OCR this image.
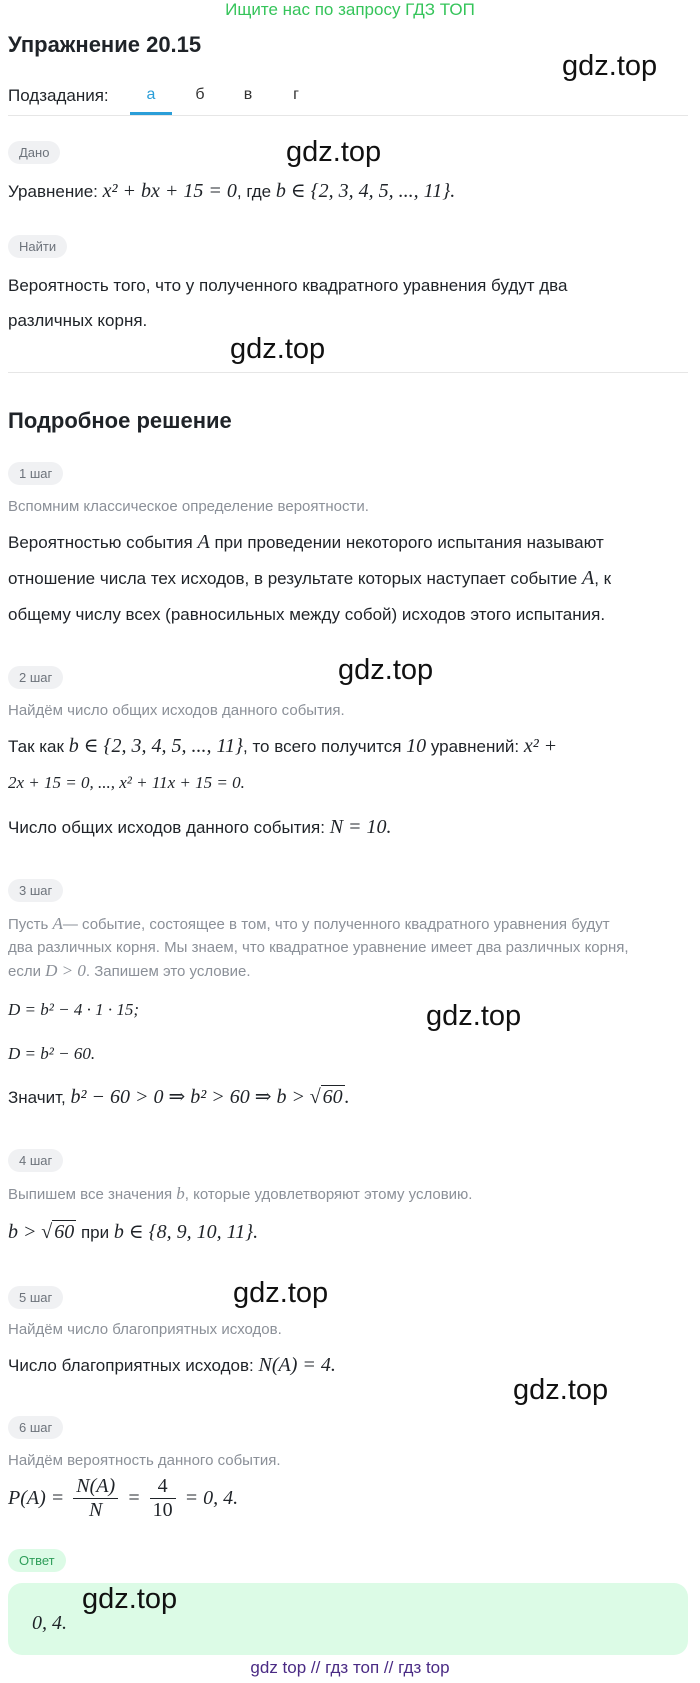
Ищите нас по запросу ГДЗ ТОП
Упражнение 20.15
gdz.top
Подзадания:	а	б	в	г
Дано	gdz.top
Уравнение: x² + bx + 15 = 0, где b ∈ {2, 3, 4, 5, ..., 11}.
Найти
Вероятность того, что у полученного квадратного уравнения будут два
различных корня.
gdz.top
Подробное решение
1 шаг
Вспомним классическое определение вероятности.
Вероятностью события A при проведении некоторого испытания называют
отношение числа тех исходов, в результате которых наступает событие A, к
общему числу всех (равносильных между собой) исходов этого испытания.
2 шаг	gdz.top
Найдём число общих исходов данного события.
Так как b ∈ {2, 3, 4, 5, ..., 11}, то всего получится 10 уравнений: x² +
2x + 15 = 0, ..., x² + 11x + 15 = 0.
Число общих исходов данного события: N = 10.
3 шаг
Пусть A— событие, состоящее в том, что у полученного квадратного уравнения будут
два различных корня. Мы знаем, что квадратное уравнение имеет два различных корня,
если D > 0. Запишем это условие.
D = b² − 4 · 1 · 15;	gdz.top
D = b² − 60.
Значит, b² − 60 > 0 ⇒ b² > 60 ⇒ b > √ 60 .
4 шаг
Выпишем все значения b, которые удовлетворяют этому условию.
b > √ 60 при b ∈ {8, 9, 10, 11}.
5 шаг	gdz.top
Найдём число благоприятных исходов.
Число благоприятных исходов: N(A) = 4.
gdz.top
6 шаг
Найдём вероятность данного события.
$P(A) = \frac{N(A)}{N} = \frac{4}{10} = 0$, 4.
Ответ
0, 4.
gdz.top
gdz top // гдз топ // гдз top
